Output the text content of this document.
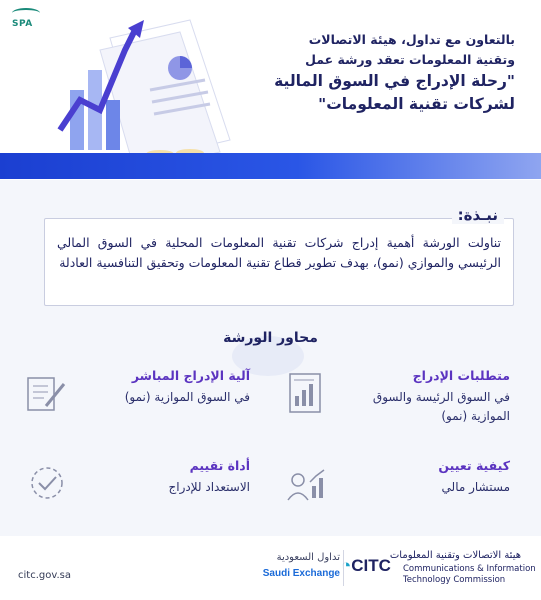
SPA
بالتعاون مع تداول، هيئة الاتصالات
وتقنية المعلومات تعقد ورشة عمل
"رحلة الإدراج في السوق المالية
لشركات تقنية المعلومات"
تناولت الورشة أهمية إدراج شركات تقنية المعلومات المحلية في السوق المالي الرئيسي والموازي (نمو)، بهدف تطوير قطاع تقنية المعلومات وتحقيق التنافسية العادلة
نبـذة:
محاور الورشة
متطلبات الإدراج
في السوق الرئيسة والسوق الموازية (نمو)
آلية الإدراج المباشر
في السوق الموازية (نمو)
كيفية تعيين
مستشار مالي
أداة تقييم
الاستعداد للإدراج
citc.gov.sa
تداول السعودية
Saudi Exchange ◔CITC
هيئة الاتصالات وتقنية المعلومات
Communications & Information
Technology Commission
